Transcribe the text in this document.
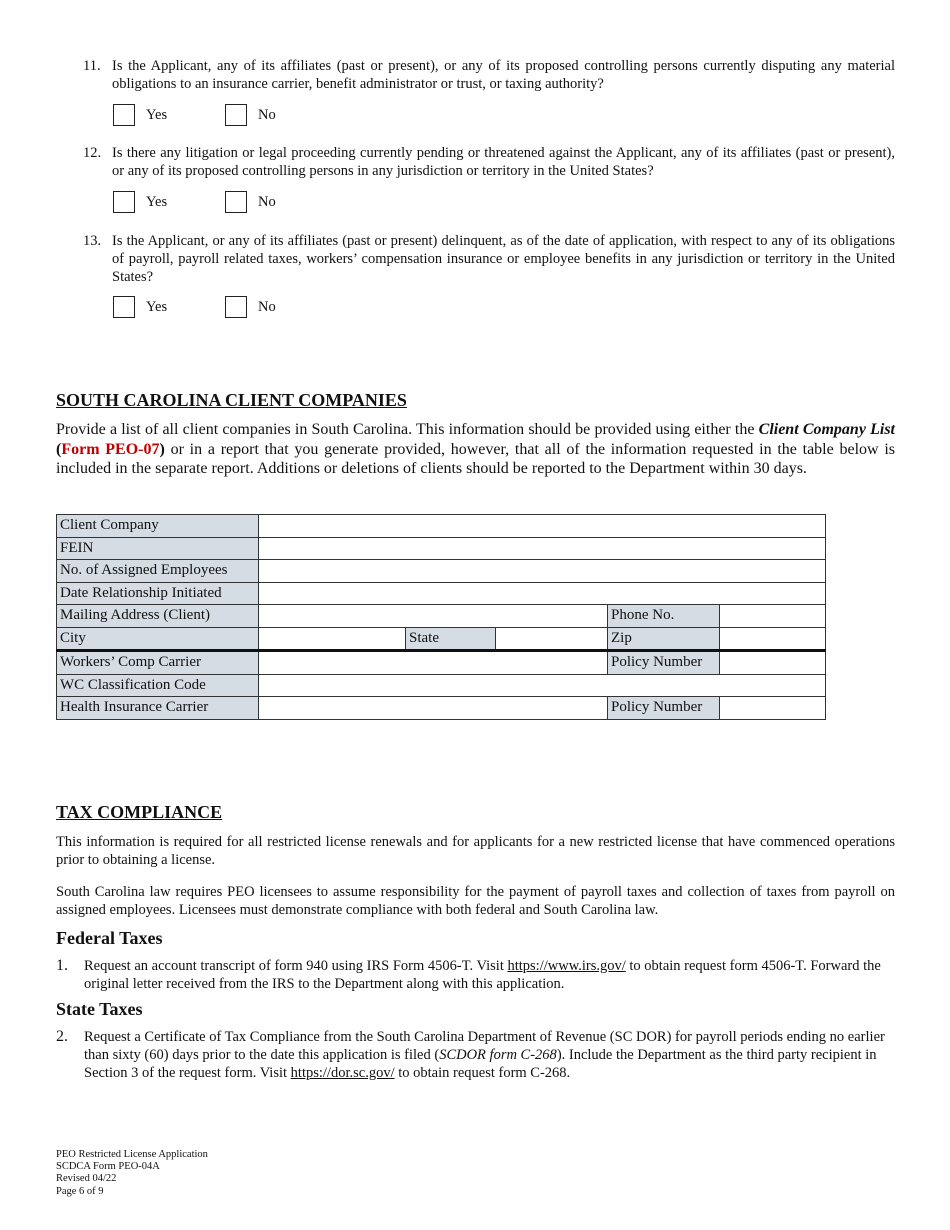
11. Is the Applicant, any of its affiliates (past or present), or any of its proposed controlling persons currently disputing any material obligations to an insurance carrier, benefit administrator or trust, or taxing authority?
Yes	No
12. Is there any litigation or legal proceeding currently pending or threatened against the Applicant, any of its affiliates (past or present), or any of its proposed controlling persons in any jurisdiction or territory in the United States?
Yes	No
13. Is the Applicant, or any of its affiliates (past or present) delinquent, as of the date of application, with respect to any of its obligations of payroll, payroll related taxes, workers’ compensation insurance or employee benefits in any jurisdiction or territory in the United States?
Yes	No
SOUTH CAROLINA CLIENT COMPANIES
Provide a list of all client companies in South Carolina. This information should be provided using either the Client Company List (Form PEO-07) or in a report that you generate provided, however, that all of the information requested in the table below is included in the separate report. Additions or deletions of clients should be reported to the Department within 30 days.
Client Company					
FEIN					
No. of Assigned Employees					
Date Relationship Initiated					
Mailing Address (Client)				Phone No.	
City		State		Zip	
Workers’ Comp Carrier				Policy Number	
WC Classification Code					
Health Insurance Carrier				Policy Number	
TAX COMPLIANCE
This information is required for all restricted license renewals and for applicants for a new restricted license that have commenced operations prior to obtaining a license.
South Carolina law requires PEO licensees to assume responsibility for the payment of payroll taxes and collection of taxes from payroll on assigned employees. Licensees must demonstrate compliance with both federal and South Carolina law.
Federal Taxes
1. Request an account transcript of form 940 using IRS Form 4506-T. Visit https://www.irs.gov/ to obtain request form 4506-T. Forward the original letter received from the IRS to the Department along with this application.
State Taxes
2. Request a Certificate of Tax Compliance from the South Carolina Department of Revenue (SC DOR) for payroll periods ending no earlier than sixty (60) days prior to the date this application is filed (SCDOR form C-268). Include the Department as the third party recipient in Section 3 of the request form. Visit https://dor.sc.gov/ to obtain request form C-268.
PEO Restricted License Application
SCDCA Form PEO-04A
Revised 04/22
Page 6 of 9
